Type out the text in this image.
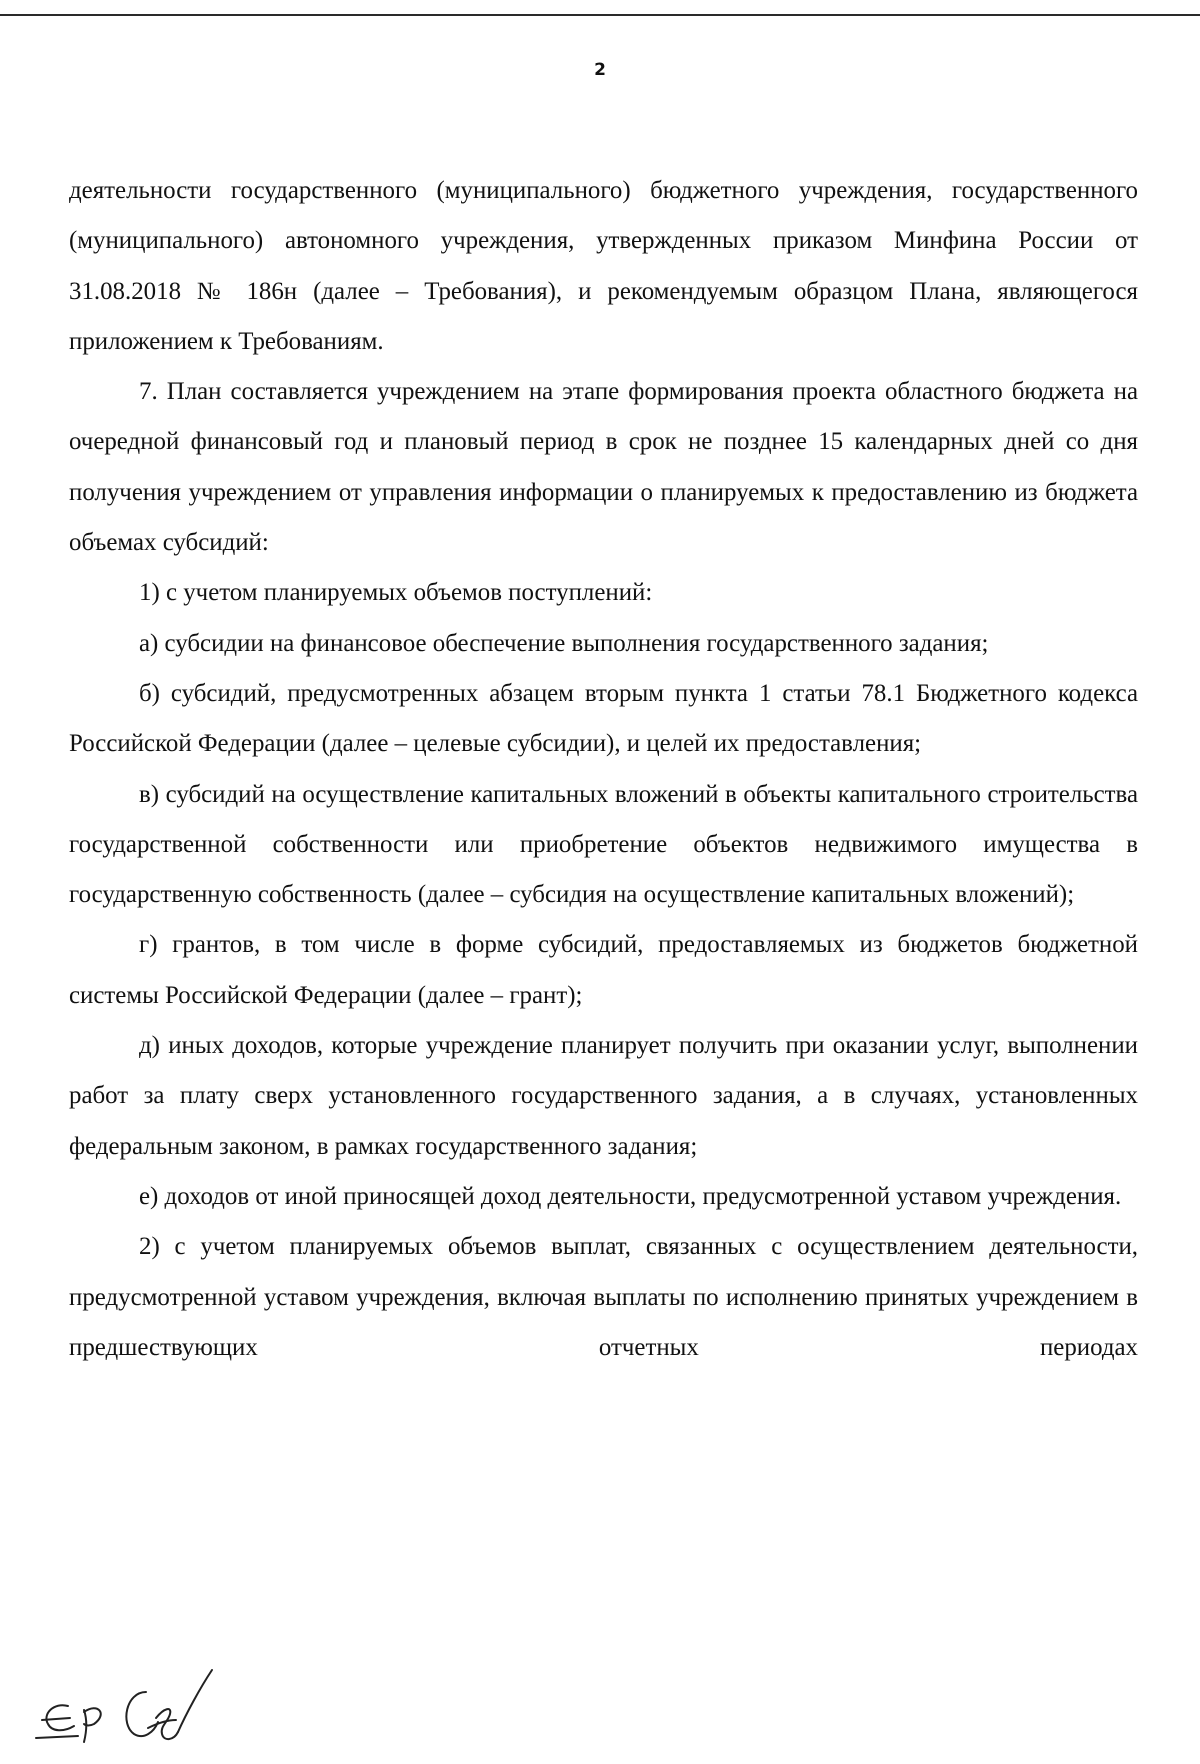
2

деятельности государственного (муниципального) бюджетного учреждения, государственного (муниципального) автономного учреждения, утвержденных приказом Минфина России от 31.08.2018 № 186н (далее – Требования), и рекомендуемым образцом Плана, являющегося приложением к Требованиям.

7. План составляется учреждением на этапе формирования проекта областного бюджета на очередной финансовый год и плановый период в срок не позднее 15 календарных дней со дня получения учреждением от управления информации о планируемых к предоставлению из бюджета объемах субсидий:

1) с учетом планируемых объемов поступлений:

а) субсидии на финансовое обеспечение выполнения государственного задания;

б) субсидий, предусмотренных абзацем вторым пункта 1 статьи 78.1 Бюджетного кодекса Российской Федерации (далее – целевые субсидии), и целей их предоставления;

в) субсидий на осуществление капитальных вложений в объекты капитального строительства государственной собственности или приобретение объектов недвижимого имущества в государственную собственность (далее – субсидия на осуществление капитальных вложений);

г) грантов, в том числе в форме субсидий, предоставляемых из бюджетов бюджетной системы Российской Федерации (далее – грант);

д) иных доходов, которые учреждение планирует получить при оказании услуг, выполнении работ за плату сверх установленного государственного задания, а в случаях, установленных федеральным законом, в рамках государственного задания;

е) доходов от иной приносящей доход деятельности, предусмотренной уставом учреждения.

2) с учетом планируемых объемов выплат, связанных с осуществлением деятельности, предусмотренной уставом учреждения, включая выплаты по исполнению принятых учреждением в предшествующих отчетных периодах
